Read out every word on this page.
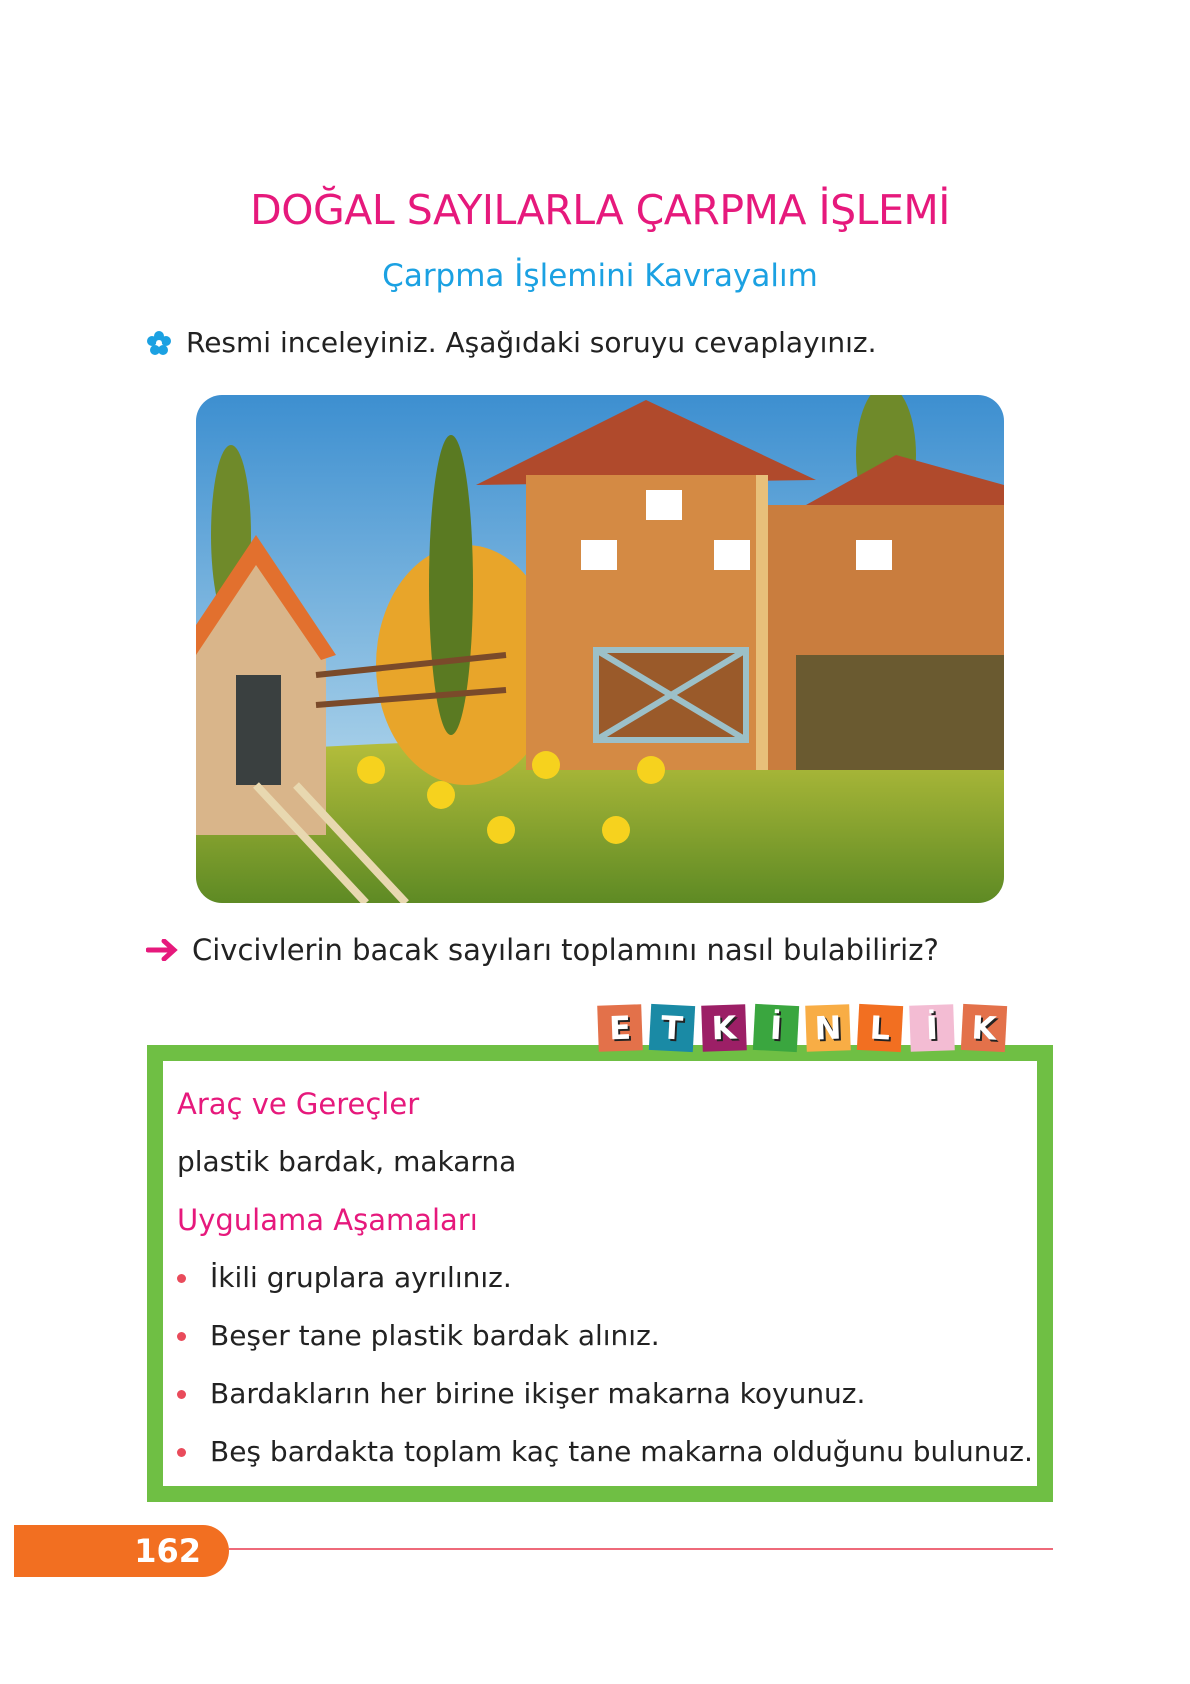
DOĞAL SAYILARLA ÇARPMA İŞLEMİ
Çarpma İşlemini Kavrayalım
Resmi inceleyiniz. Aşağıdaki soruyu cevaplayınız.
Civcivlerin bacak sayıları toplamını nasıl bulabiliriz?
Araç ve Gereçler
plastik bardak, makarna
Uygulama Aşamaları
İkili gruplara ayrılınız.
Beşer tane plastik bardak alınız.
Bardakların her birine ikişer makarna koyunuz.
Beş bardakta toplam kaç tane makarna olduğunu bulunuz.
E T K	İ N L	İ	K
162
